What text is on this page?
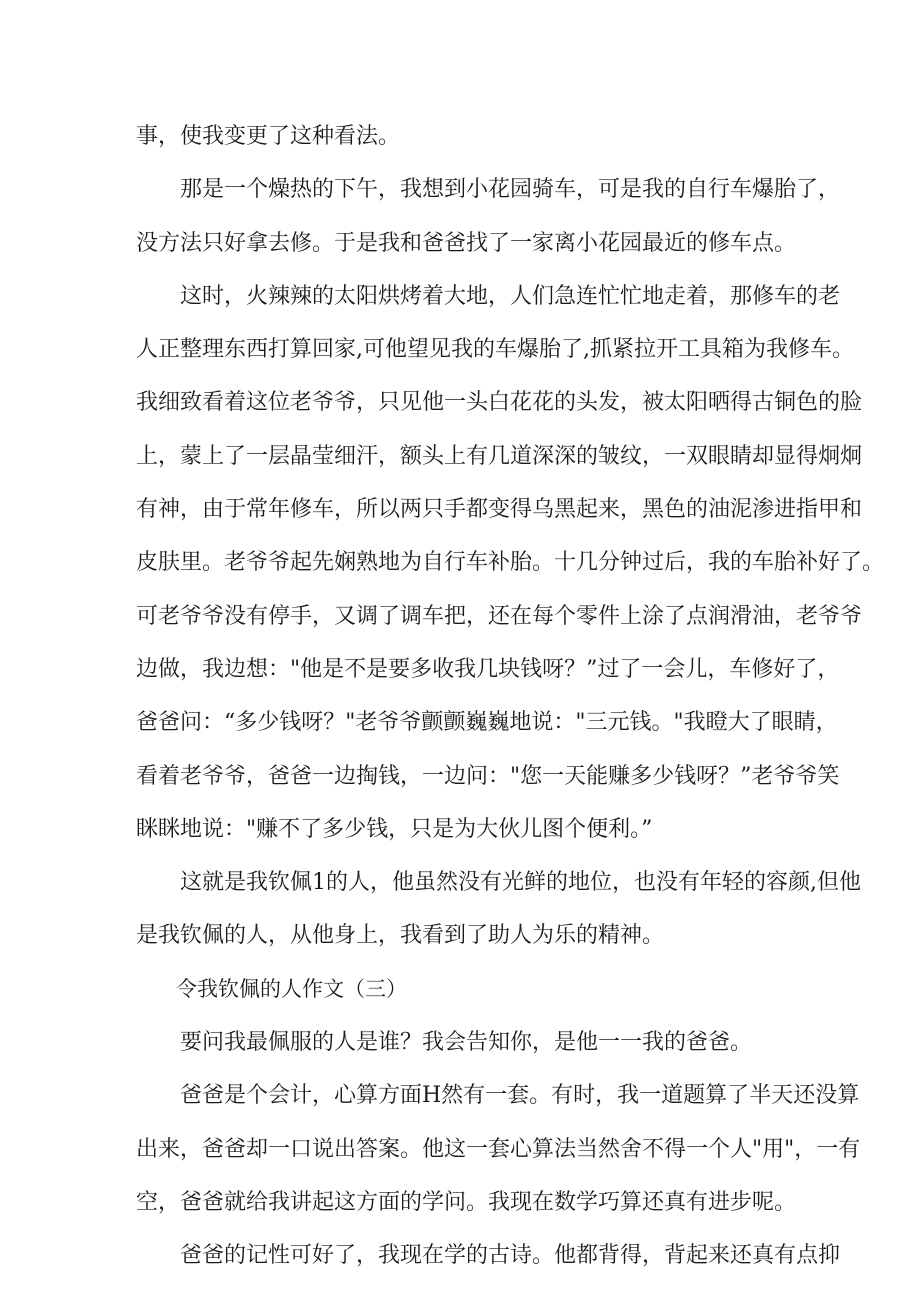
事，使我变更了这种看法。
那是一个燥热的下午，我想到小花园骑车，可是我的自行车爆胎了，
没方法只好拿去修。于是我和爸爸找了一家离小花园最近的修车点。
这时，火辣辣的太阳烘烤着大地，人们急连忙忙地走着，那修车的老
人正整理东西打算回家,可他望见我的车爆胎了,抓紧拉开工具箱为我修车。
我细致看着这位老爷爷，只见他一头白花花的头发，被太阳晒得古铜色的脸
上，蒙上了一层晶莹细汗，额头上有几道深深的皱纹，一双眼睛却显得炯炯
有神，由于常年修车，所以两只手都变得乌黑起来，黑色的油泥渗进指甲和
皮肤里。老爷爷起先娴熟地为自行车补胎。十几分钟过后，我的车胎补好了。
可老爷爷没有停手，又调了调车把，还在每个零件上涂了点润滑油，老爷爷
边做，我边想："他是不是要多收我几块钱呀？”过了一会儿，车修好了，
爸爸问：“多少钱呀？"老爷爷颤颤巍巍地说："三元钱。"我瞪大了眼睛，
看着老爷爷，爸爸一边掏钱，一边问："您一天能赚多少钱呀？”老爷爷笑
眯眯地说："赚不了多少钱，只是为大伙儿图个便利。”
这就是我钦佩1的人，他虽然没有光鲜的地位，也没有年轻的容颜,但他
是我钦佩的人，从他身上，我看到了助人为乐的精神。
令我钦佩的人作文（三）
要问我最佩服的人是谁？我会告知你，是他一一我的爸爸。
爸爸是个会计，心算方面H然有一套。有时，我一道题算了半天还没算
出来，爸爸却一口说出答案。他这一套心算法当然舍不得一个人"用"，一有
空，爸爸就给我讲起这方面的学问。我现在数学巧算还真有进步呢。
爸爸的记性可好了，我现在学的古诗。他都背得，背起来还真有点抑
